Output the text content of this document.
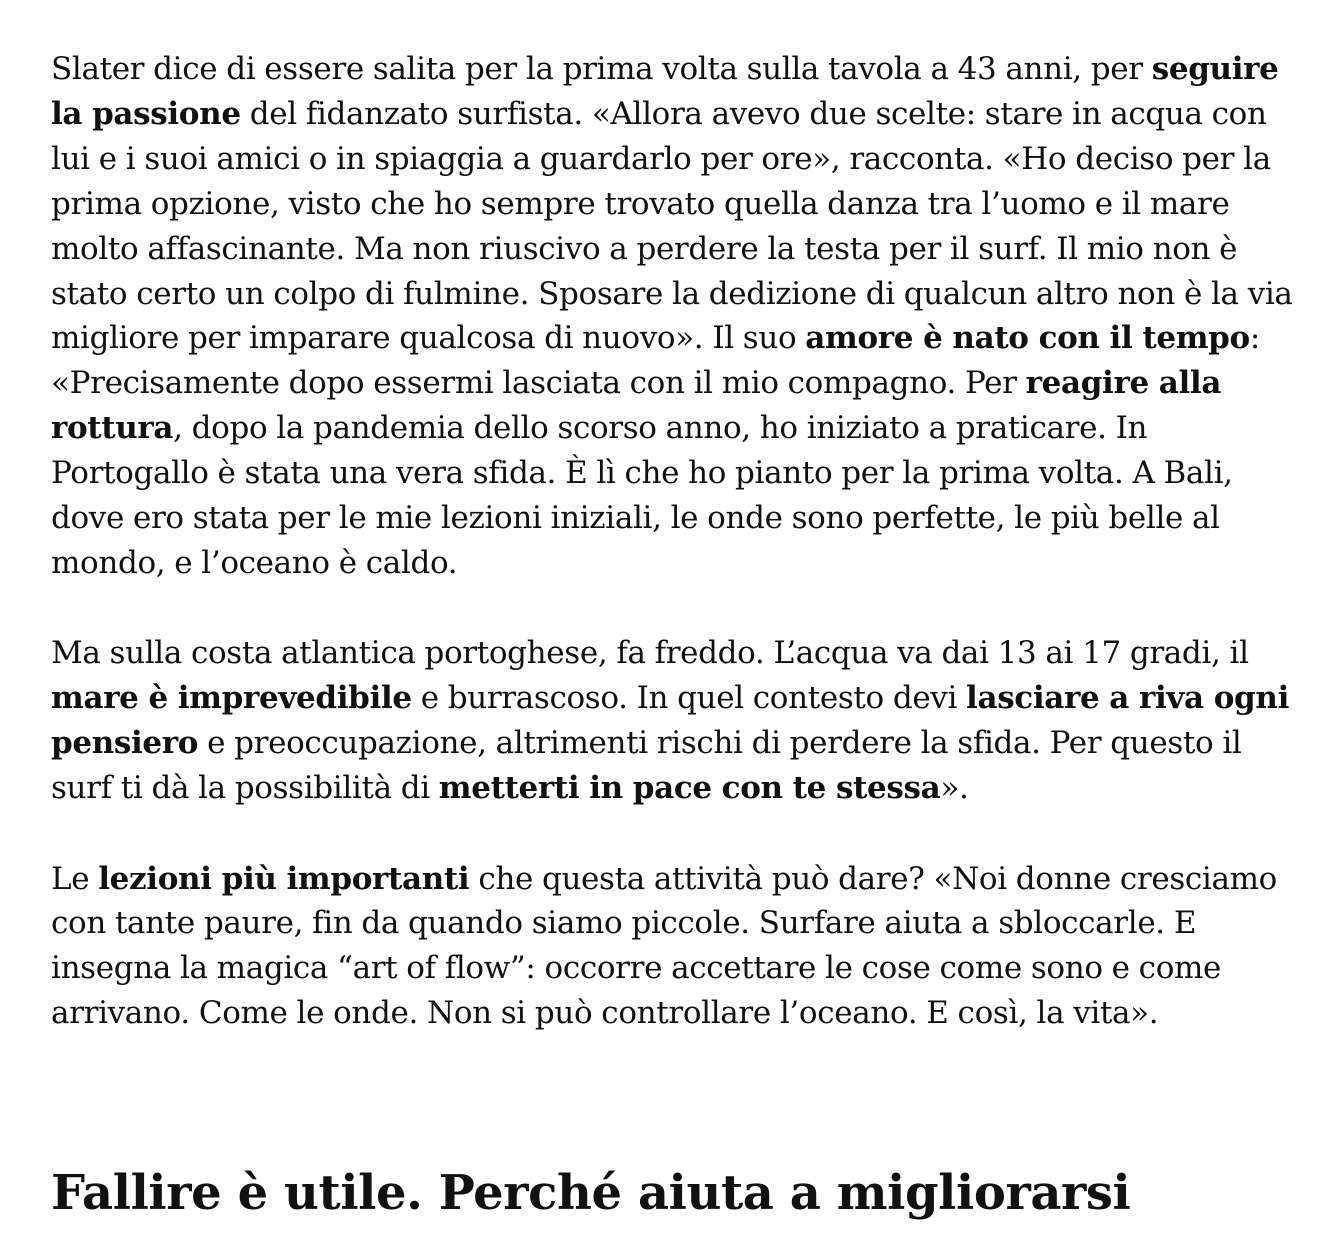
Slater dice di essere salita per la prima volta sulla tavola a 43 anni, per seguire la passione del fidanzato surfista. «Allora avevo due scelte: stare in acqua con lui e i suoi amici o in spiaggia a guardarlo per ore», racconta. «Ho deciso per la prima opzione, visto che ho sempre trovato quella danza tra l’uomo e il mare molto affascinante. Ma non riuscivo a perdere la testa per il surf. Il mio non è stato certo un colpo di fulmine. Sposare la dedizione di qualcun altro non è la via migliore per imparare qualcosa di nuovo». Il suo amore è nato con il tempo: «Precisamente dopo essermi lasciata con il mio compagno. Per reagire alla rottura, dopo la pandemia dello scorso anno, ho iniziato a praticare. In Portogallo è stata una vera sfida. È lì che ho pianto per la prima volta. A Bali, dove ero stata per le mie lezioni iniziali, le onde sono perfette, le più belle al mondo, e l’oceano è caldo.

Ma sulla costa atlantica portoghese, fa freddo. L’acqua va dai 13 ai 17 gradi, il mare è imprevedibile e burrascoso. In quel contesto devi lasciare a riva ogni pensiero e preoccupazione, altrimenti rischi di perdere la sfida. Per questo il surf ti dà la possibilità di metterti in pace con te stessa».

Le lezioni più importanti che questa attività può dare? «Noi donne cresciamo con tante paure, fin da quando siamo piccole. Surfare aiuta a sbloccarle. E insegna la magica “art of flow”: occorre accettare le cose come sono e come arrivano. Come le onde. Non si può controllare l’oceano. E così, la vita».

Fallire è utile. Perché aiuta a migliorarsi
